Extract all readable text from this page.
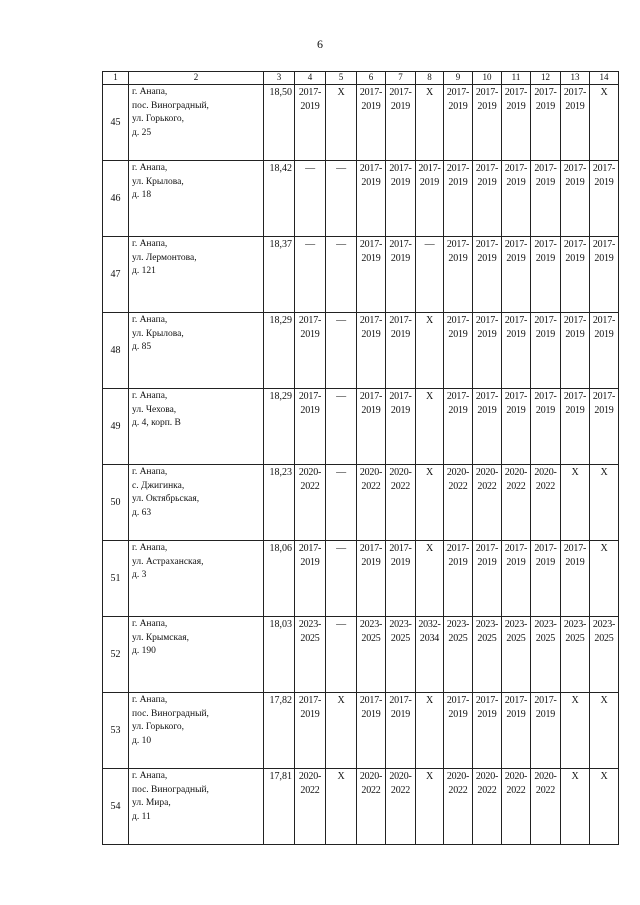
6
1	2	3	4	5	6	7	8	9	10	11	12	13	14
45	г. Анапа,
пос. Виноградный,
ул. Горького,
д. 25	18,50	2017-
2019	X	2017-
2019	2017-
2019	X	2017-
2019	2017-
2019	2017-
2019	2017-
2019	2017-
2019	X
46	г. Анапа,
ул. Крылова,
д. 18	18,42	—	—	2017-
2019	2017-
2019	2017-
2019	2017-
2019	2017-
2019	2017-
2019	2017-
2019	2017-
2019	2017-
2019
47	г. Анапа,
ул. Лермонтова,
д. 121	18,37	—	—	2017-
2019	2017-
2019	—	2017-
2019	2017-
2019	2017-
2019	2017-
2019	2017-
2019	2017-
2019
48	г. Анапа,
ул. Крылова,
д. 85	18,29	2017-
2019	—	2017-
2019	2017-
2019	X	2017-
2019	2017-
2019	2017-
2019	2017-
2019	2017-
2019	2017-
2019
49	г. Анапа,
ул. Чехова,
д. 4, корп. В	18,29	2017-
2019	—	2017-
2019	2017-
2019	X	2017-
2019	2017-
2019	2017-
2019	2017-
2019	2017-
2019	2017-
2019
50	г. Анапа,
с. Джигинка,
ул. Октябрьская,
д. 63	18,23	2020-
2022	—	2020-
2022	2020-
2022	X	2020-
2022	2020-
2022	2020-
2022	2020-
2022	X	X
51	г. Анапа,
ул. Астраханская,
д. 3	18,06	2017-
2019	—	2017-
2019	2017-
2019	X	2017-
2019	2017-
2019	2017-
2019	2017-
2019	2017-
2019	X
52	г. Анапа,
ул. Крымская,
д. 190	18,03	2023-
2025	—	2023-
2025	2023-
2025	2032-
2034	2023-
2025	2023-
2025	2023-
2025	2023-
2025	2023-
2025	2023-
2025
53	г. Анапа,
пос. Виноградный,
ул. Горького,
д. 10	17,82	2017-
2019	X	2017-
2019	2017-
2019	X	2017-
2019	2017-
2019	2017-
2019	2017-
2019	X	X
54	г. Анапа,
пос. Виноградный,
ул. Мира,
д. 11	17,81	2020-
2022	X	2020-
2022	2020-
2022	X	2020-
2022	2020-
2022	2020-
2022	2020-
2022	X	X
